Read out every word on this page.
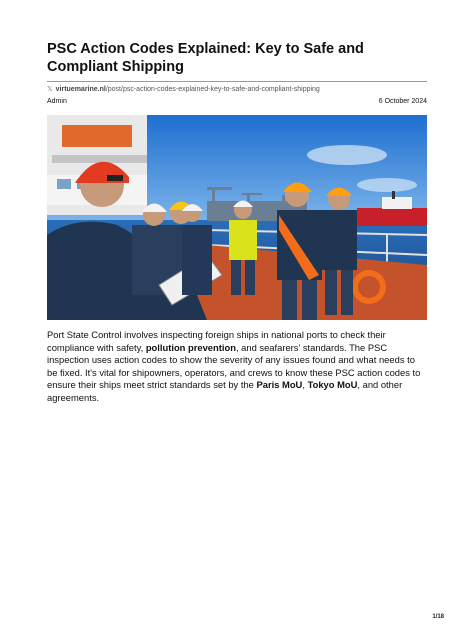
PSC Action Codes Explained: Key to Safe and Compliant Shipping
𝕏 virtuemarine.nl/post/psc-action-codes-explained-key-to-safe-and-compliant-shipping
Admin	6 October 2024

Port State Control involves inspecting foreign ships in national ports to check their compliance with safety, pollution prevention, and seafarers' standards. The PSC inspection uses action codes to show the severity of any issues found and what needs to be fixed. It's vital for shipowners, operators, and crews to know these PSC action codes to ensure their ships meet strict standards set by the Paris MoU, Tokyo MoU, and other agreements.

1/18
